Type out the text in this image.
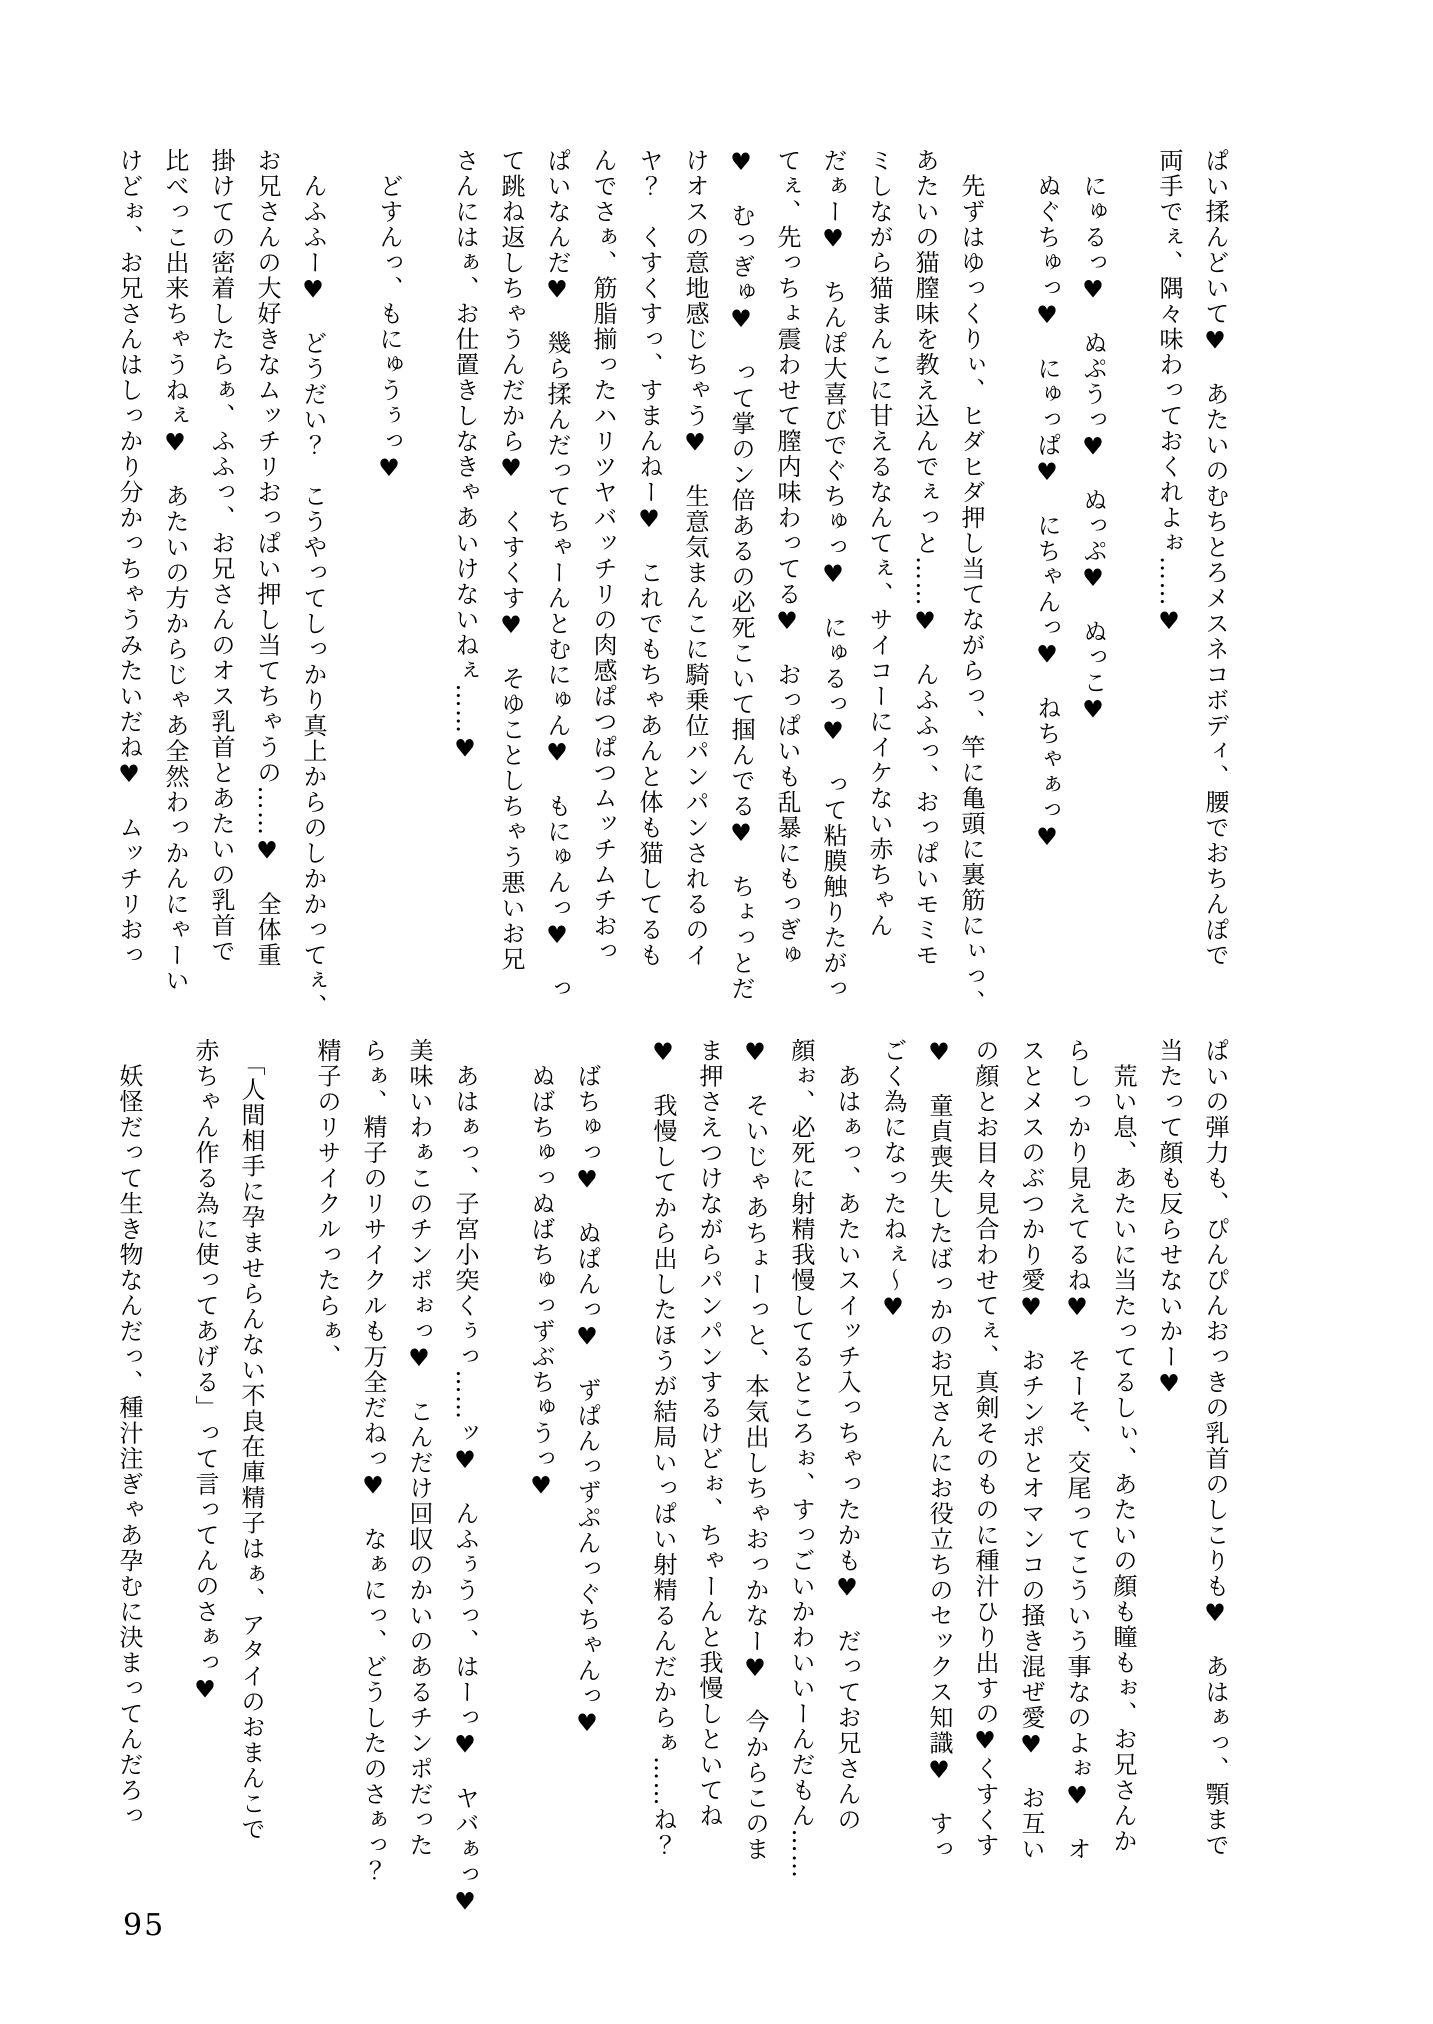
ぱい揉んどいて♥　あたいのむちとろメスネコボディ、腰でおちんぽで

両手でぇ、隅々味わっておくれよぉ……♥

　にゅるっ♥　ぬぷうっ♥　ぬっぷ♥　ぬっこ♥

　ぬぐちゅっ♥　にゅっぱ♥　にちゃんっ♥　ねちゃぁっ♥

　先ずはゆっくりぃ、ヒダヒダ押し当てながらっ、竿に亀頭に裏筋にぃっ、

あたいの猫膣味を教え込んでぇっと……♥　んふふっ、おっぱいモミモ

ミしながら猫まんこに甘えるなんてぇ、サイコーにイケない赤ちゃん

だぁー♥　ちんぽ大喜びでぐちゅっ♥　にゅるっ♥　って粘膜触りたがっ

てぇ、先っちょ震わせて膣内味わってる♥　おっぱいも乱暴にもっぎゅ

♥　むっぎゅ♥　って掌のン倍あるの必死こいて掴んでる♥　ちょっとだ

けオスの意地感じちゃう♥　生意気まんこに騎乗位パンパンされるのイ

ヤ？　くすくすっ、すまんねー♥　これでもちゃあんと体も猫してるも

んでさぁ、筋脂揃ったハリツヤバッチリの肉感ぱつぱつムッチムチおっ

ぱいなんだ♥　幾ら揉んだってちゃーんとむにゅん♥　もにゅんっ♥　っ

て跳ね返しちゃうんだから♥　くすくす♥　そゆことしちゃう悪いお兄

さんにはぁ、お仕置きしなきゃあいけないねぇ……♥

　どすんっ、もにゅうぅっ♥

　んふふー♥　どうだい？　こうやってしっかり真上からのしかかってぇ、

お兄さんの大好きなムッチリおっぱい押し当てちゃうの……♥　全体重

掛けての密着したらぁ、ふふっ、お兄さんのオス乳首とあたいの乳首で

比べっこ出来ちゃうねぇ♥　あたいの方からじゃあ全然わっかんにゃーい

けどぉ、お兄さんはしっかり分かっちゃうみたいだね♥　ムッチリおっ

ぱいの弾力も、ぴんぴんおっきの乳首のしこりも♥　あはぁっ、顎まで

当たって顔も反らせないかー♥

　荒い息、あたいに当たってるしぃ、あたいの顔も瞳もぉ、お兄さんか

らしっかり見えてるね♥　そーそ、交尾ってこういう事なのよぉ♥　オ

スとメスのぶつかり愛♥　おチンポとオマンコの掻き混ぜ愛♥　お互い

の顔とお目々見合わせてぇ、真剣そのものに種汁ひり出すの♥くすくす

♥　童貞喪失したばっかのお兄さんにお役立ちのセックス知識♥　すっ

ごく為になったねぇ～♥

　あはぁっ、あたいスイッチ入っちゃったかも♥　だってお兄さんの

顔ぉ、必死に射精我慢してるところぉ、すっごいかわいいーんだもん……

♥　そいじゃあちょーっと、本気出しちゃおっかなー♥　今からこのま

ま押さえつけながらパンパンするけどぉ、ちゃーんと我慢しといてね

♥　我慢してから出したほうが結局いっぱい射精るんだからぁ……ね？

　ばちゅっ♥　ぬぱんっ♥　ずぱんっずぷんっぐちゃんっ♥

　ぬばちゅっぬばちゅっずぶちゅうっ♥

　あはぁっ、子宮小突くぅっ……ッ♥　んふぅうっ、はーっ♥　ヤバぁっ♥

美味いわぁこのチンポぉっ♥　こんだけ回収のかいのあるチンポだった

らぁ、精子のリサイクルも万全だねっ♥　なぁにっ、どうしたのさぁっ？

精子のリサイクルったらぁ、

　「人間相手に孕ませらんない不良在庫精子はぁ、アタイのおまんこで

赤ちゃん作る為に使ってあげる」って言ってんのさぁっ♥

　妖怪だって生き物なんだっ、種汁注ぎゃあ孕むに決まってんだろっ

95
